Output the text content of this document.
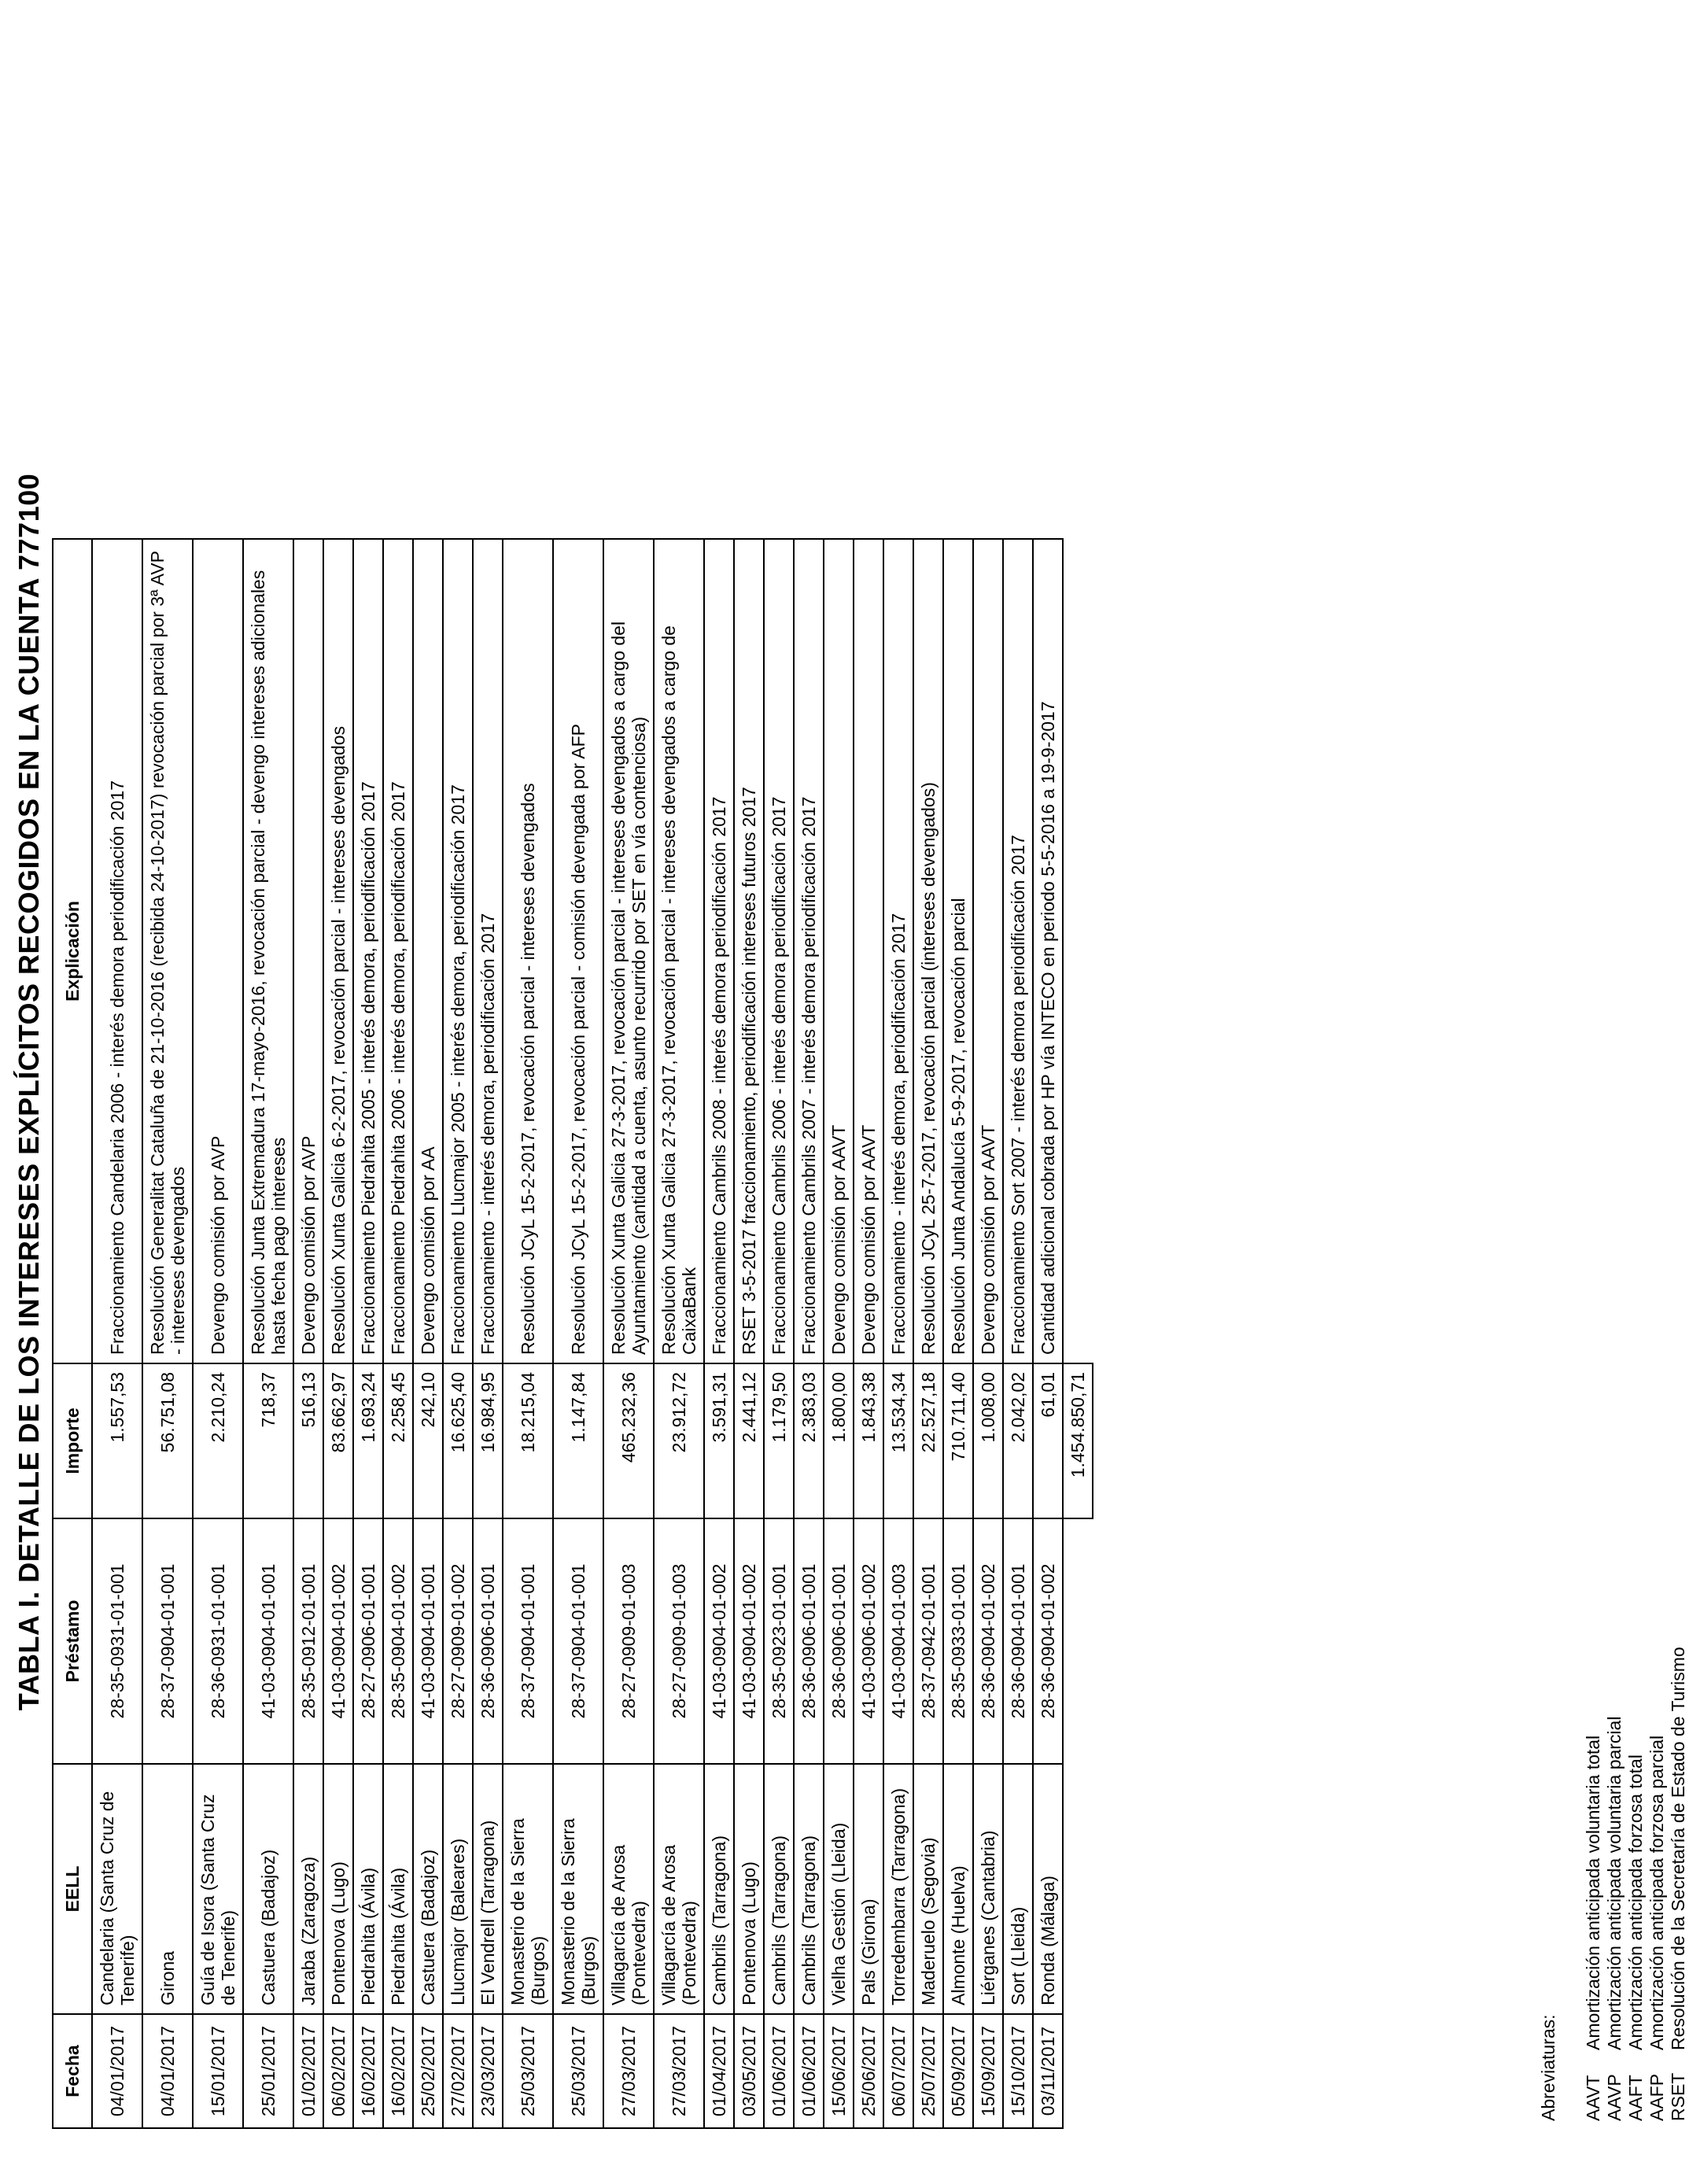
TABLA I. DETALLE DE LOS INTERESES EXPLÍCITOS RECOGIDOS EN LA CUENTA 777100
Fecha	EELL	Préstamo	Importe	Explicación
04/01/2017	Candelaria (Santa Cruz de Tenerife)	28-35-0931-01-001	1.557,53	Fraccionamiento Candelaria 2006 - interés demora periodificación 2017
04/01/2017	Girona	28-37-0904-01-001	56.751,08	Resolución Generalitat Cataluña de 21-10-2016 (recibida 24-10-2017) revocación parcial por 3ª AVP - intereses devengados
15/01/2017	Guía de Isora (Santa Cruz de Tenerife)	28-36-0931-01-001	2.210,24	Devengo comisión por AVP
25/01/2017	Castuera (Badajoz)	41-03-0904-01-001	718,37	Resolución Junta Extremadura 17-mayo-2016, revocación parcial - devengo intereses adicionales hasta fecha pago intereses
01/02/2017	Jaraba (Zaragoza)	28-35-0912-01-001	516,13	Devengo comisión por AVP
06/02/2017	Pontenova (Lugo)	41-03-0904-01-002	83.662,97	Resolución Xunta Galicia 6-2-2017, revocación parcial - intereses devengados
16/02/2017	Piedrahita (Ávila)	28-27-0906-01-001	1.693,24	Fraccionamiento Piedrahita 2005 - interés demora, periodificación 2017
16/02/2017	Piedrahita (Ávila)	28-35-0904-01-002	2.258,45	Fraccionamiento Piedrahita 2006 - interés demora, periodificación 2017
25/02/2017	Castuera (Badajoz)	41-03-0904-01-001	242,10	Devengo comisión por AA
27/02/2017	Llucmajor (Baleares)	28-27-0909-01-002	16.625,40	Fraccionamiento Llucmajor 2005 - interés demora, periodificación 2017
23/03/2017	El Vendrell (Tarragona)	28-36-0906-01-001	16.984,95	Fraccionamiento - interés demora, periodificación 2017
25/03/2017	Monasterio de la Sierra (Burgos)	28-37-0904-01-001	18.215,04	Resolución JCyL 15-2-2017, revocación parcial - intereses devengados
25/03/2017	Monasterio de la Sierra (Burgos)	28-37-0904-01-001	1.147,84	Resolución JCyL 15-2-2017, revocación parcial - comisión devengada por AFP
27/03/2017	Villagarcía de Arosa (Pontevedra)	28-27-0909-01-003	465.232,36	Resolución Xunta Galicia 27-3-2017, revocación parcial - intereses devengados a cargo del Ayuntamiento (cantidad a cuenta, asunto recurrido por SET en vía contenciosa)
27/03/2017	Villagarcía de Arosa (Pontevedra)	28-27-0909-01-003	23.912,72	Resolución Xunta Galicia 27-3-2017, revocación parcial - intereses devengados a cargo de CaixaBank
01/04/2017	Cambrils (Tarragona)	41-03-0904-01-002	3.591,31	Fraccionamiento Cambrils 2008 - interés demora periodificación 2017
03/05/2017	Pontenova (Lugo)	41-03-0904-01-002	2.441,12	RSET 3-5-2017 fraccionamiento, periodificación intereses futuros 2017
01/06/2017	Cambrils (Tarragona)	28-35-0923-01-001	1.179,50	Fraccionamiento Cambrils 2006 - interés demora periodificación 2017
01/06/2017	Cambrils (Tarragona)	28-36-0906-01-001	2.383,03	Fraccionamiento Cambrils 2007 - interés demora periodificación 2017
15/06/2017	Vielha Gestión (Lleida)	28-36-0906-01-001	1.800,00	Devengo comisión por AAVT
25/06/2017	Pals (Girona)	41-03-0906-01-002	1.843,38	Devengo comisión por AAVT
06/07/2017	Torredembarra (Tarragona)	41-03-0904-01-003	13.534,34	Fraccionamiento - interés demora, periodificación 2017
25/07/2017	Maderuelo (Segovia)	28-37-0942-01-001	22.527,18	Resolución JCyL 25-7-2017, revocación parcial (intereses devengados)
05/09/2017	Almonte (Huelva)	28-35-0933-01-001	710.711,40	Resolución Junta Andalucía 5-9-2017, revocación parcial
15/09/2017	Liérganes (Cantabria)	28-36-0904-01-002	1.008,00	Devengo comisión por AAVT
15/10/2017	Sort (Lleida)	28-36-0904-01-001	2.042,02	Fraccionamiento Sort 2007 - interés demora periodificación 2017
03/11/2017	Ronda (Málaga)	28-36-0904-01-002	61,01	Cantidad adicional cobrada por HP vía INTECO en periodo 5-5-2016 a 19-9-2017
			1.454.850,71	
Abreviaturas: AAVT
Amortización anticipada voluntaria total
AAVP
Amortización anticipada voluntaria parcial
AAFT
Amortización anticipada forzosa total
AAFP
Amortización anticipada forzosa parcial
RSET
Resolución de la Secretaría de Estado de Turismo
